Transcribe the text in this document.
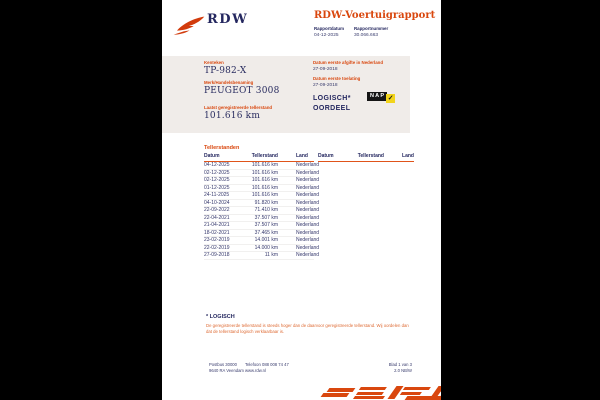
RDW	RDW-Voertuigrapport
Rapportdatum
04-12-2025
Rapportnummer
30.066.663
Kenteken
TP-982-X
Merk/Handelsbenaming
PEUGEOT 3008
Laatst geregistreerde tellerstand
101.616 km
Datum eerste afgifte in Nederland
27-09-2018
Datum eerste toelating
27-09-2018
LOGISCH*
OORDEEL
NAP ✓
Tellerstanden
Datum	Tellerstand	Land
04-12-2025	101.616 km	Nederland
02-12-2025	101.616 km	Nederland
02-12-2025	101.616 km	Nederland
01-12-2025	101.616 km	Nederland
24-11-2025	101.616 km	Nederland
04-10-2024	91.820 km	Nederland
22-09-2022	71.410 km	Nederland
22-04-2021	37.507 km	Nederland
21-04-2021	37.507 km	Nederland
18-02-2021	37.465 km	Nederland
23-02-2019	14.001 km	Nederland
22-02-2019	14.000 km	Nederland
27-09-2018	11 km	Nederland
Datum	Tellerstand	Land
* LOGISCH
De geregistreerde tellerstand is steeds hoger dan de daarvoor geregistreerde tellerstand. Wij oordelen dan dat de tellerstand logisch verklaarbaar is.
Postbus 30000
9640 RA Veendam
Telefoon 088 008 74 47
www.rdw.nl
Blad 1 van 3
2.0 NB/W
